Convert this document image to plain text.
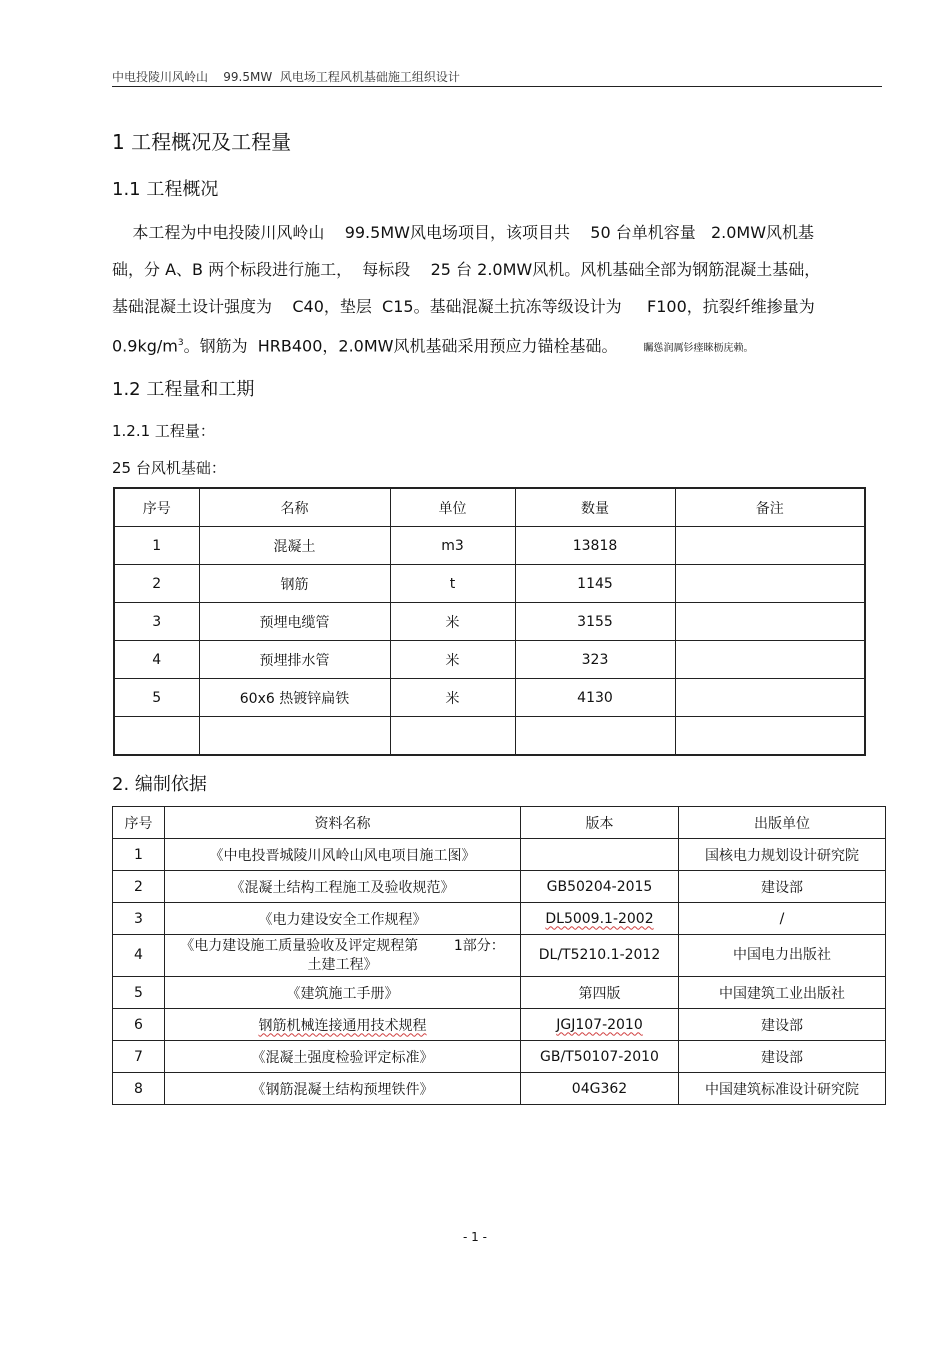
中电投陵川风岭山    99.5MW  风电场工程风机基础施工组织设计
1 工程概况及工程量
1.1 工程概况

本工程为中电投陵川风岭山    99.5MW风电场项目，该项目共    50 台单机容量   2.0MW风机基

础，分 A、B 两个标段进行施工，  每标段    25 台 2.0MW风机。风机基础全部为钢筋混凝土基础，

基础混凝土设计强度为    C40，垫层  C15。基础混凝土抗冻等级设计为     F100，抗裂纤维掺量为

$0.9kg/m^3$。钢筋为  HRB400，2.0MW风机基础采用预应力锚栓基础。	矚慫润厲钐瘗睞枥庑赖。

1.2 工程量和工期
1.2.1 工程量：
25 台风机基础：
序号	名称	单位	数量	备注
1	混凝土	m3	13818	
2	钢筋	t	1145	
3	预埋电缆管	米	3155	
4	预埋排水管	米	323	
5	60x6 热镀锌扁铁	米	4130	

2. 编制依据
序号	资料名称	版本	出版单位
1	《中电投晋城陵川风岭山风电项目施工图》		国核电力规划设计研究院
2	《混凝土结构工程施工及验收规范》	GB50204-2015	建设部
3	《电力建设安全工作规程》	DL5009.1-2002	/
4	《电力建设施工质量验收及评定规程第        1部分：
土建工程》	DL/T5210.1-2012	中国电力出版社
5	《建筑施工手册》	第四版	中国建筑工业出版社
6	钢筋机械连接通用技术规程	JGJ107-2010	建设部
7	《混凝土强度检验评定标准》	GB/T50107-2010	建设部
8	《钢筋混凝土结构预埋铁件》	04G362	中国建筑标准设计研究院
- 1 -
